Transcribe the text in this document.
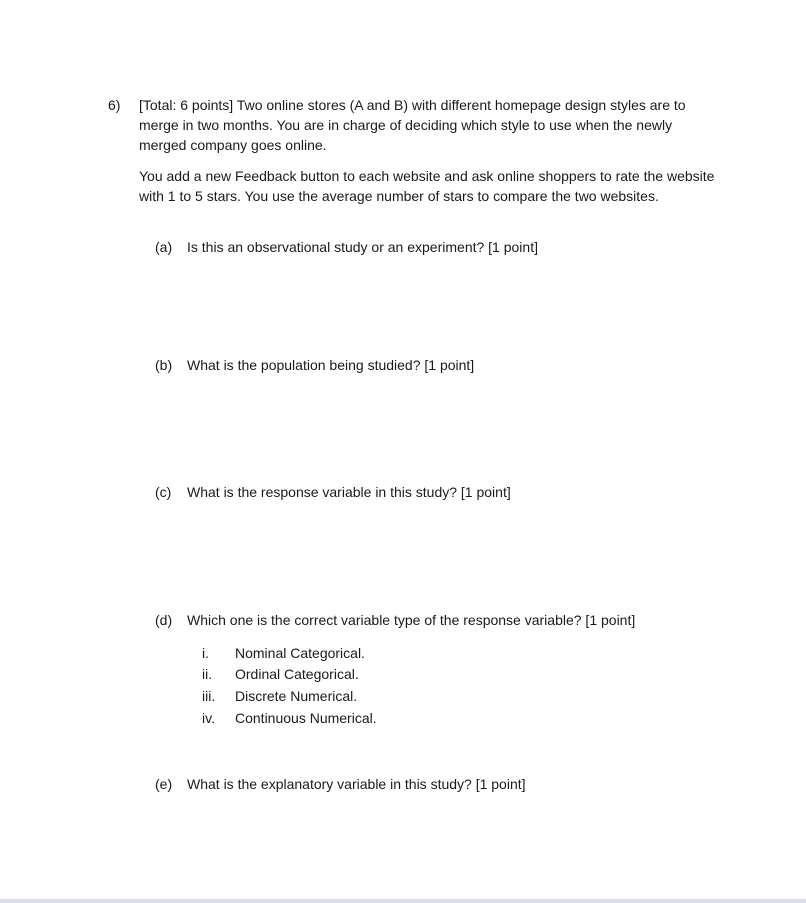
6) [Total: 6 points] Two online stores (A and B) with different homepage design styles are to merge in two months. You are in charge of deciding which style to use when the newly merged company goes online.

You add a new Feedback button to each website and ask online shoppers to rate the website with 1 to 5 stars. You use the average number of stars to compare the two websites.

(a) Is this an observational study or an experiment? [1 point]
(b) What is the population being studied? [1 point]
(c) What is the response variable in this study? [1 point]
(d) Which one is the correct variable type of the response variable? [1 point]
i. Nominal Categorical.
ii. Ordinal Categorical.
iii. Discrete Numerical.
iv. Continuous Numerical.
(e) What is the explanatory variable in this study? [1 point]
